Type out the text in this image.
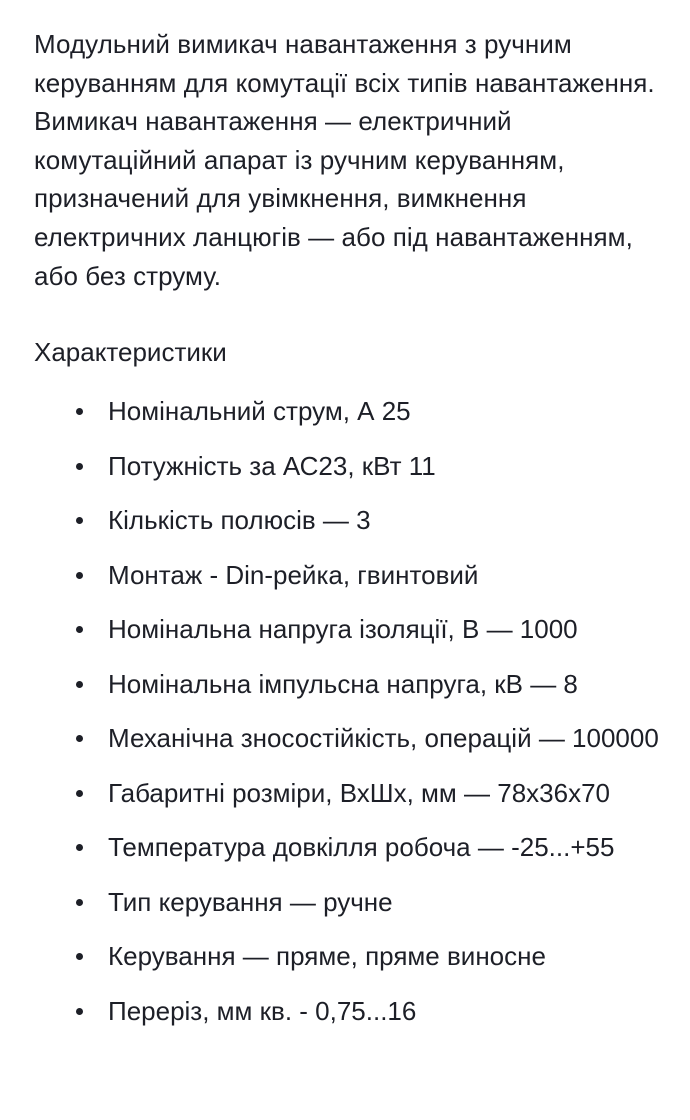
Модульний вимикач навантаження з ручним керуванням для комутації всіх типів навантаження. Вимикач навантаження — електричний комутаційний апарат із ручним керуванням, призначений для увімкнення, вимкнення електричних ланцюгів — або під навантаженням, або без струму.

Характеристики
Номінальний струм, А 25
Потужність за АС23, кВт 11
Кількість полюсів — 3
Монтаж - Din-рейка, гвинтовий
Номінальна напруга ізоляції, В — 1000
Номінальна імпульсна напруга, кВ — 8
Механічна зносостійкість, операцій — 100000
Габаритні розміри, ВхШх, мм — 78х36х70
Температура довкілля робоча — -25...+55
Тип керування — ручне
Керування — пряме, пряме виносне
Переріз, мм кв. - 0,75...16
